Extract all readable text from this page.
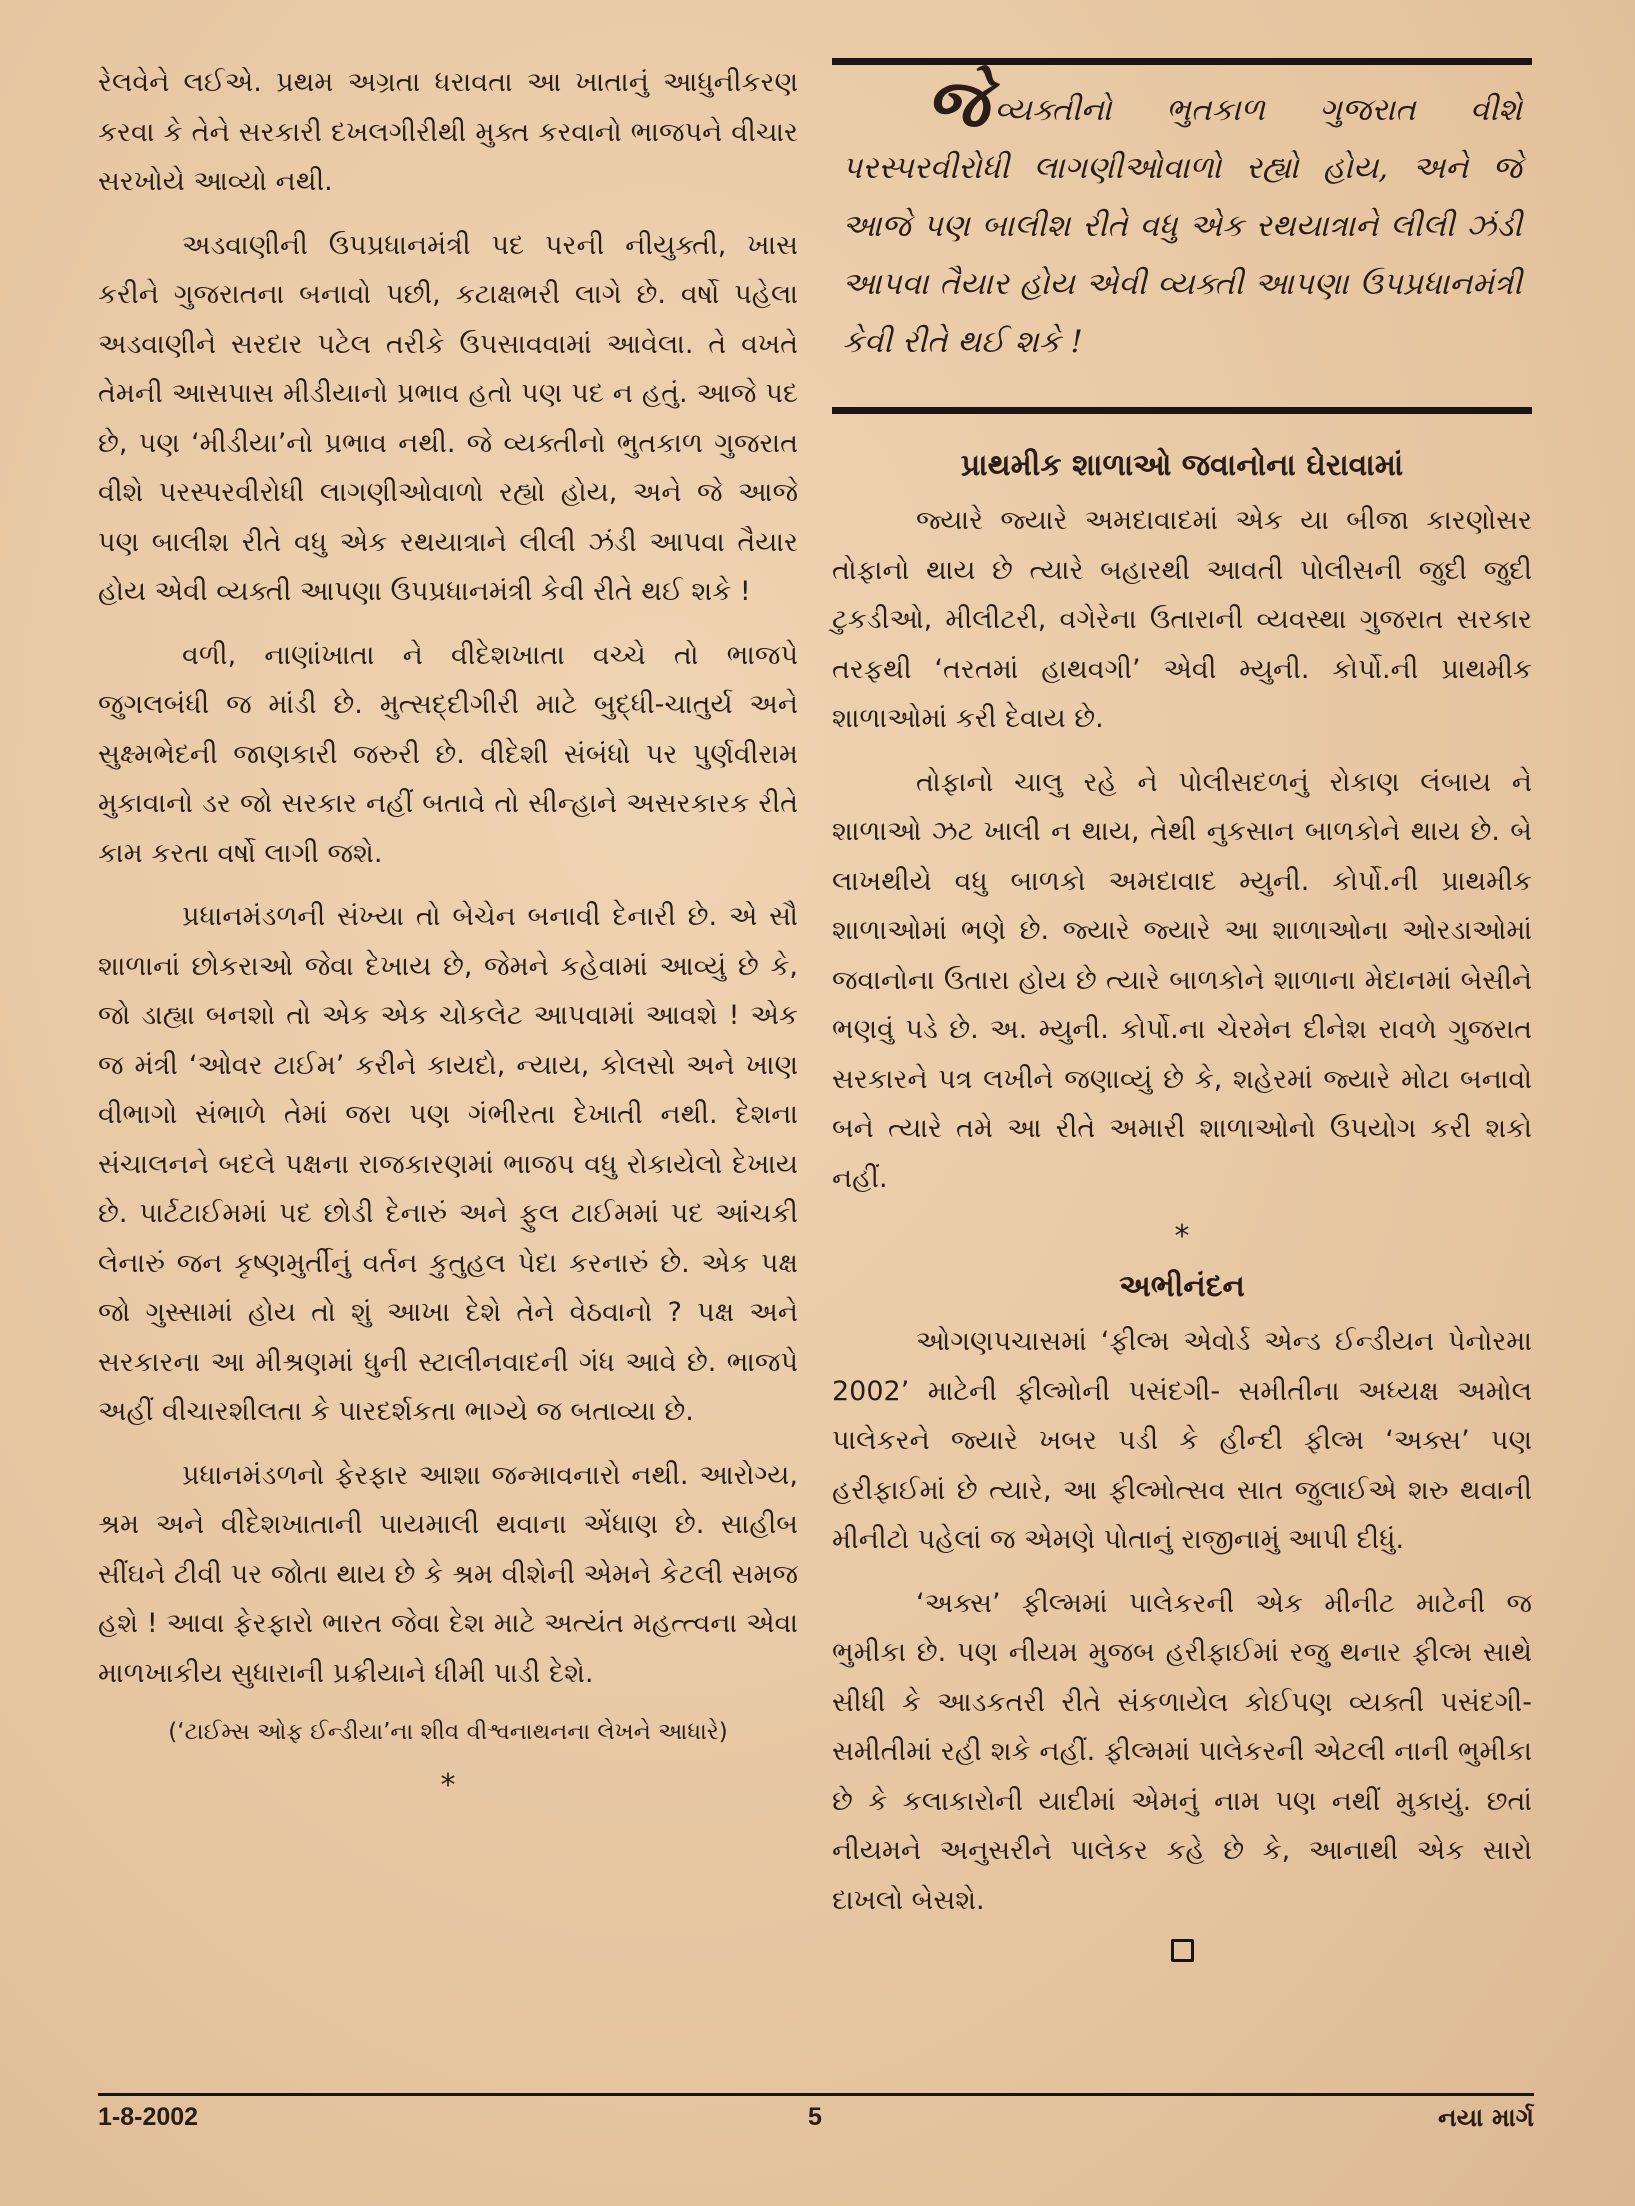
રેલવેને લઈએ. પ્રથમ અગ્રતા ધરાવતા આ ખાતાનું આધુનીકરણ કરવા કે તેને સરકારી દખલગીરીથી મુક્ત કરવાનો ભાજપને વીચાર સરખોયે આવ્યો નથી.

અડવાણીની ઉપપ્રધાનમંત્રી પદ પરની નીયુક્તી, ખાસ કરીને ગુજરાતના બનાવો પછી, કટાક્ષભરી લાગે છે. વર્ષો પહેલા અડવાણીને સરદાર પટેલ તરીકે ઉપસાવવામાં આવેલા. તે વખતે તેમની આસપાસ મીડીયાનો પ્રભાવ હતો પણ પદ ન હતું. આજે પદ છે, પણ ‘મીડીયા’નો પ્રભાવ નથી. જે વ્યક્તીનો ભુતકાળ ગુજરાત વીશે પરસ્પરવીરોધી લાગણીઓવાળો રહ્યો હોય, અને જે આજે પણ બાલીશ રીતે વધુ એક રથયાત્રાને લીલી ઝંડી આપવા તૈયાર હોય એવી વ્યક્તી આપણા ઉપપ્રધાનમંત્રી કેવી રીતે થઈ શકે !

વળી, નાણાંખાતા ને વીદેશખાતા વચ્ચે તો ભાજપે જુગલબંધી જ માંડી છે. મુત્સદ્દીગીરી માટે બુદ્ધી-ચાતુર્ય અને સુક્ષ્મભેદની જાણકારી જરુરી છે. વીદેશી સંબંધો પર પુર્ણવીરામ મુકાવાનો ડર જો સરકાર નહીં બતાવે તો સીન્હાને અસરકારક રીતે કામ કરતા વર્ષો લાગી જશે.

પ્રધાનમંડળની સંખ્યા તો બેચેન બનાવી દેનારી છે. એ સૌ શાળાનાં છોકરાઓ જેવા દેખાય છે, જેમને કહેવામાં આવ્યું છે કે, જો ડાહ્યા બનશો તો એક એક ચોકલેટ આપવામાં આવશે ! એક જ મંત્રી ‘ઓવર ટાઈમ’ કરીને કાયદો, ન્યાય, કોલસો અને ખાણ વીભાગો સંભાળે તેમાં જરા પણ ગંભીરતા દેખાતી નથી. દેશના સંચાલનને બદલે પક્ષના રાજકારણમાં ભાજપ વધુ રોકાયેલો દેખાય છે. પાર્ટટાઈમમાં પદ છોડી દેનારું અને ફુલ ટાઈમમાં પદ આંચકી લેનારું જન કૃષ્ણમુર્તીનું વર્તન કુતુહલ પેદા કરનારું છે. એક પક્ષ જો ગુસ્સામાં હોય તો શું આખા દેશે તેને વેઠવાનો ? પક્ષ અને સરકારના આ મીશ્રણમાં ધુની સ્ટાલીનવાદની ગંધ આવે છે. ભાજપે અહીં વીચારશીલતા કે પારદર્શકતા ભાગ્યે જ બતાવ્યા છે.

પ્રધાનમંડળનો ફેરફાર આશા જન્માવનારો નથી. આરોગ્ય, શ્રમ અને વીદેશખાતાની પાયમાલી થવાના એંધાણ છે. સાહીબ સીંઘને ટીવી પર જોતા થાય છે કે શ્રમ વીશેની એમને કેટલી સમજ હશે ! આવા ફેરફારો ભારત જેવા દેશ માટે અત્યંત મહત્ત્વના એવા માળખાકીય સુધારાની પ્રક્રીયાને ધીમી પાડી દેશે.

(‘ટાઈમ્સ ઓફ ઈન્ડીયા’ના શીવ વીશ્વનાથનના લેખને આધારે)

*

જેવ્યક્તીનો ભુતકાળ ગુજરાત વીશે પરસ્પરવીરોધી લાગણીઓવાળો રહ્યો હોય, અને જે આજે પણ બાલીશ રીતે વધુ એક રથયાત્રાને લીલી ઝંડી આપવા તૈયાર હોય એવી વ્યક્તી આપણા ઉપપ્રધાનમંત્રી કેવી રીતે થઈ શકે !

પ્રાથમીક શાળાઓ જવાનોના ઘેરાવામાં

જ્યારે જ્યારે અમદાવાદમાં એક યા બીજા કારણોસર તોફાનો થાય છે ત્યારે બહારથી આવતી પોલીસની જુદી જુદી ટુકડીઓ, મીલીટરી, વગેરેના ઉતારાની વ્યવસ્થા ગુજરાત સરકાર તરફથી ‘તરતમાં હાથવગી’ એવી મ્યુની. કોર્પો.ની પ્રાથમીક શાળાઓમાં કરી દેવાય છે.

તોફાનો ચાલુ રહે ને પોલીસદળનું રોકાણ લંબાય ને શાળાઓ ઝટ ખાલી ન થાય, તેથી નુકસાન બાળકોને થાય છે. બે લાખથીયે વધુ બાળકો અમદાવાદ મ્યુની. કોર્પો.ની પ્રાથમીક શાળાઓમાં ભણે છે. જ્યારે જ્યારે આ શાળાઓના ઓરડાઓમાં જવાનોના ઉતારા હોય છે ત્યારે બાળકોને શાળાના મેદાનમાં બેસીને ભણવું પડે છે. અ. મ્યુની. કોર્પો.ના ચેરમેન દીનેશ રાવળે ગુજરાત સરકારને પત્ર લખીને જણાવ્યું છે કે, શહેરમાં જ્યારે મોટા બનાવો બને ત્યારે તમે આ રીતે અમારી શાળાઓનો ઉપયોગ કરી શકો નહીં.

*
અભીનંદન

ઓગણપચાસમાં ‘ફીલ્મ એવોર્ડ એન્ડ ઈન્ડીયન પેનોરમા 2002’ માટેની ફીલ્મોની પસંદગી- સમીતીના અધ્યક્ષ અમોલ પાલેકરને જ્યારે ખબર પડી કે હીન્દી ફીલ્મ ‘અક્સ’ પણ હરીફાઈમાં છે ત્યારે, આ ફીલ્મોત્સવ સાત જુલાઈએ શરુ થવાની મીનીટો પહેલાં જ એમણે પોતાનું રાજીનામું આપી દીધું.

‘અક્સ’ ફીલ્મમાં પાલેકરની એક મીનીટ માટેની જ ભુમીકા છે. પણ નીયમ મુજબ હરીફાઈમાં રજુ થનાર ફીલ્મ સાથે સીધી કે આડકતરી રીતે સંકળાયેલ કોઈપણ વ્યક્તી પસંદગી- સમીતીમાં રહી શકે નહીં. ફીલ્મમાં પાલેકરની એટલી નાની ભુમીકા છે કે કલાકારોની યાદીમાં એમનું નામ પણ નથીં મુકાયું. છતાં નીયમને અનુસરીને પાલેકર કહે છે કે, આનાથી એક સારો દાખલો બેસશે.

1-8-2002	5	નયા માર્ગ
